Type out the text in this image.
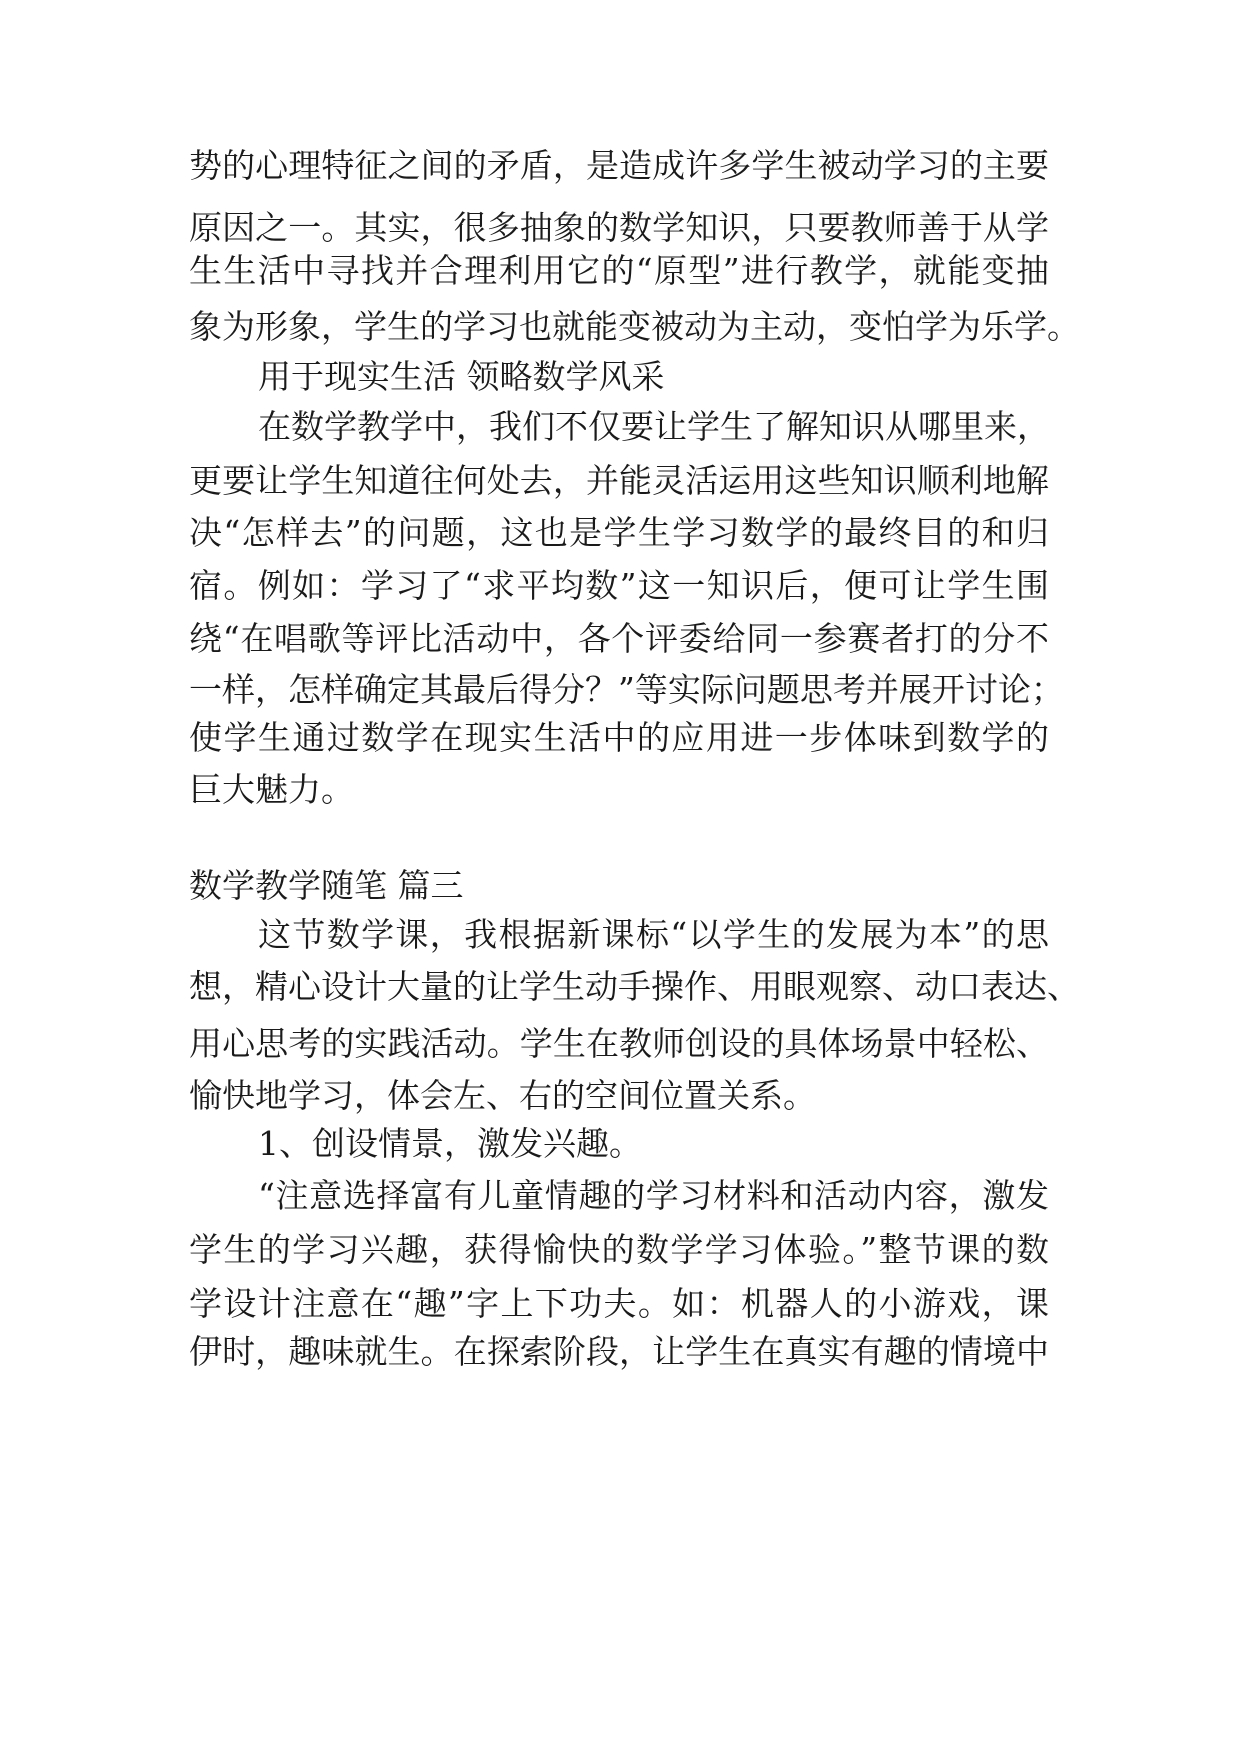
势的心理特征之间的矛盾，是造成许多学生被动学习的主要
原因之一。其实，很多抽象的数学知识，只要教师善于从学
生生活中寻找并合理利用它的“原型”进行教学，就能变抽
象为形象，学生的学习也就能变被动为主动，变怕学为乐学。
用于现实生活 领略数学风采
在数学教学中，我们不仅要让学生了解知识从哪里来，
更要让学生知道往何处去，并能灵活运用这些知识顺利地解
决“怎样去”的问题，这也是学生学习数学的最终目的和归
宿。例如：学习了“求平均数”这一知识后，便可让学生围
绕“在唱歌等评比活动中，各个评委给同一参赛者打的分不
一样，怎样确定其最后得分？”等实际问题思考并展开讨论；
使学生通过数学在现实生活中的应用进一步体味到数学的
巨大魅力。
数学教学随笔 篇三
这节数学课，我根据新课标“以学生的发展为本”的思
想，精心设计大量的让学生动手操作、用眼观察、动口表达、
用心思考的实践活动。学生在教师创设的具体场景中轻松、
愉快地学习，体会左、右的空间位置关系。
1、创设情景，激发兴趣。
“注意选择富有儿童情趣的学习材料和活动内容，激发
学生的学习兴趣，获得愉快的数学学习体验。”整节课的数
学设计注意在“趣”字上下功夫。如：机器人的小游戏，课
伊时，趣味就生。在探索阶段，让学生在真实有趣的情境中
